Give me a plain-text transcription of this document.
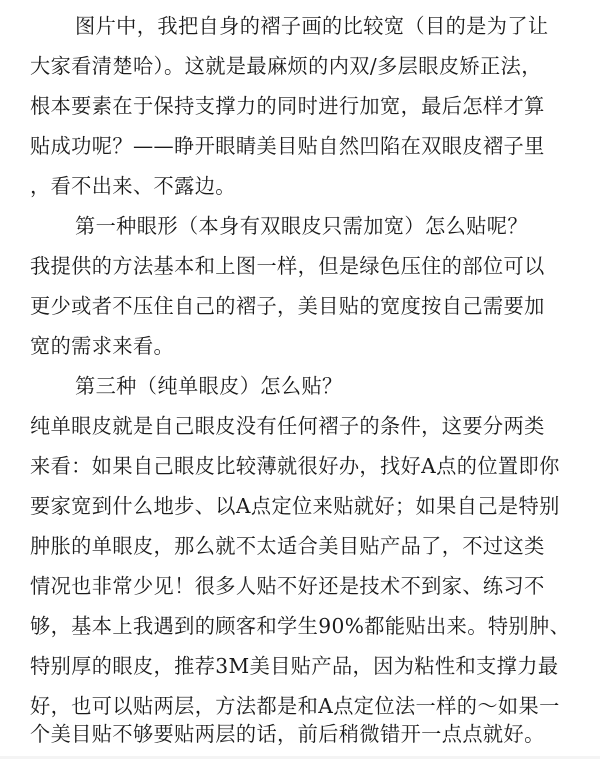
图片中，我把自身的褶子画的比较宽（目的是为了让
大家看清楚哈）。这就是最麻烦的内双/多层眼皮矫正法，
根本要素在于保持支撑力的同时进行加宽，最后怎样才算
贴成功呢？——睁开眼睛美目贴自然凹陷在双眼皮褶子里
，看不出来、不露边。
第一种眼形（本身有双眼皮只需加宽）怎么贴呢？
我提供的方法基本和上图一样，但是绿色压住的部位可以
更少或者不压住自己的褶子，美目贴的宽度按自己需要加
宽的需求来看。
第三种（纯单眼皮）怎么贴？
纯单眼皮就是自己眼皮没有任何褶子的条件，这要分两类
来看：如果自己眼皮比较薄就很好办，找好A点的位置即你
要家宽到什么地步、以A点定位来贴就好；如果自己是特别
肿胀的单眼皮，那么就不太适合美目贴产品了，不过这类
情况也非常少见！很多人贴不好还是技术不到家、练习不
够，基本上我遇到的顾客和学生90%都能贴出来。特别肿、
特别厚的眼皮，推荐3M美目贴产品，因为粘性和支撑力最
好，也可以贴两层，方法都是和A点定位法一样的～如果一
个美目贴不够要贴两层的话，前后稍微错开一点点就好。
